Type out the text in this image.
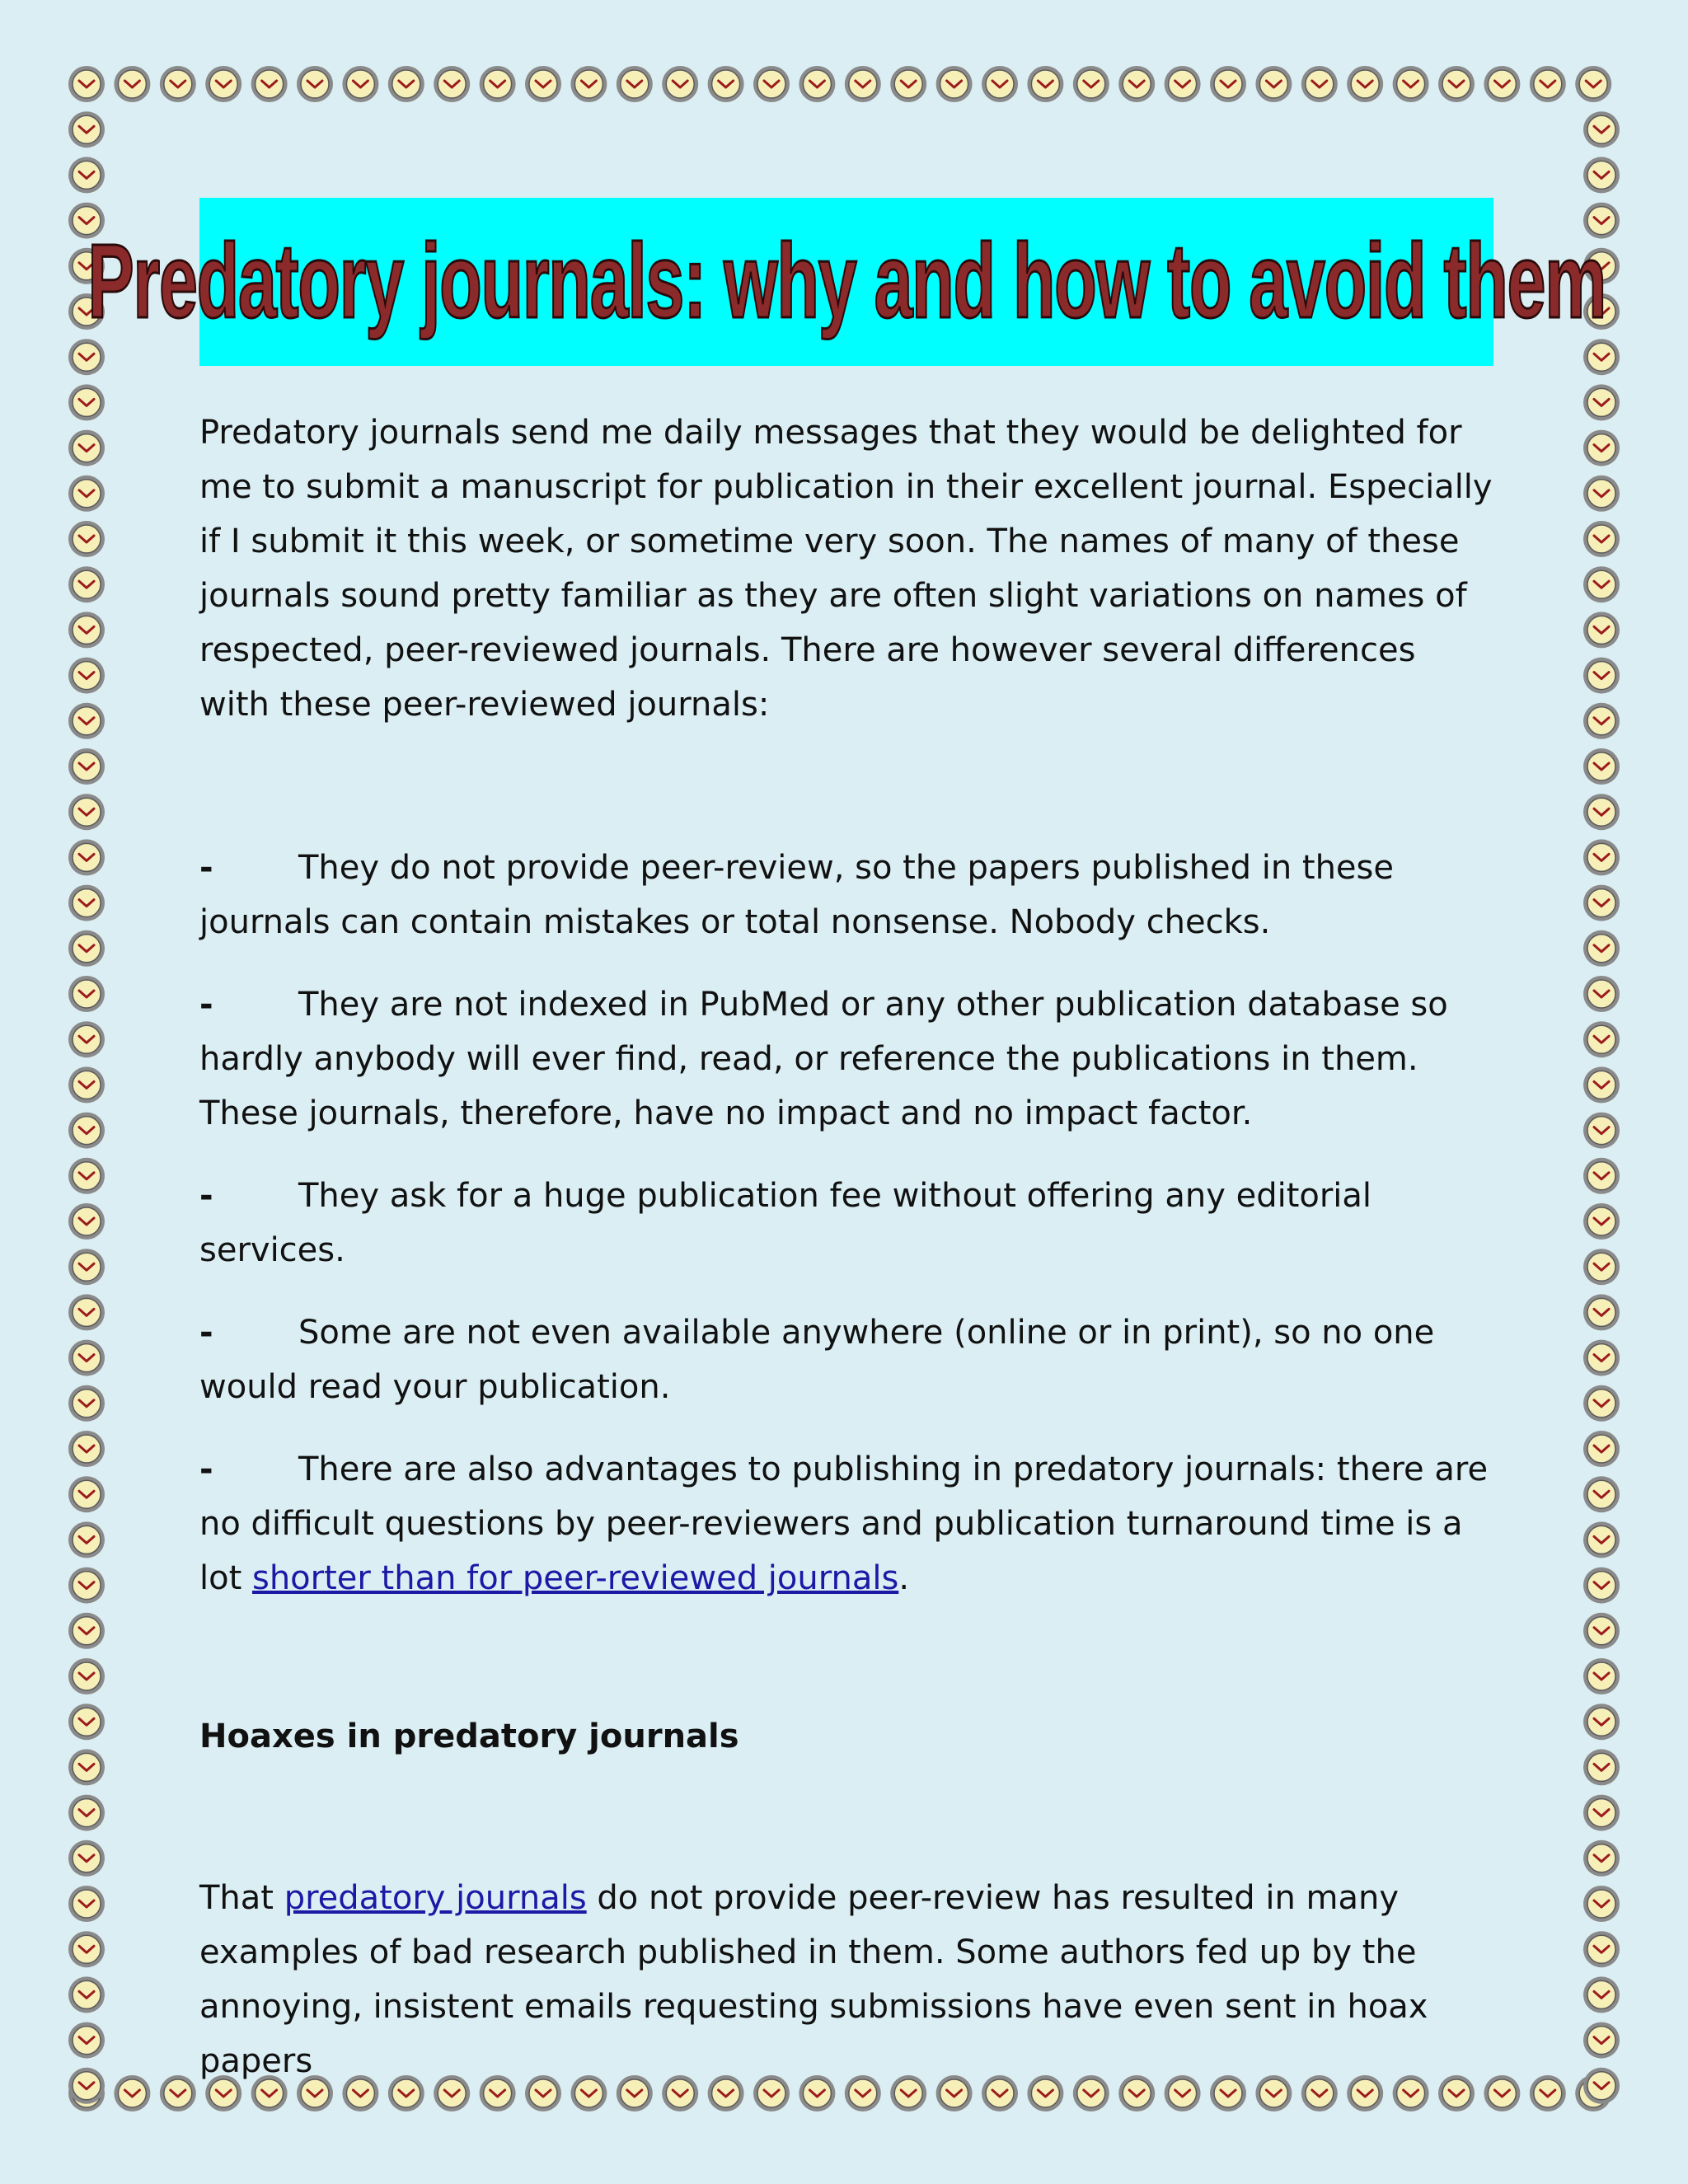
Predatory journals: why and how to avoid them

Predatory journals send me daily messages that they would be delighted for me to submit a manuscript for publication in their excellent journal. Especially if I submit it this week, or sometime very soon. The names of many of these journals sound pretty familiar as they are often slight variations on names of respected, peer-reviewed journals. There are however several differences with these peer-reviewed journals:

-	They do not provide peer-review, so the papers published in these journals can contain mistakes or total nonsense. Nobody checks.
-	They are not indexed in PubMed or any other publication database so hardly anybody will ever find, read, or reference the publications in them. These journals, therefore, have no impact and no impact factor.
-	They ask for a huge publication fee without offering any editorial services.
-	Some are not even available anywhere (online or in print), so no one would read your publication.
-	There are also advantages to publishing in predatory journals: there are no difficult questions by peer-reviewers and publication turnaround time is a lot shorter than for peer-reviewed journals.
Hoaxes in predatory journals

That predatory journals do not provide peer-review has resulted in many examples of bad research published in them. Some authors fed up by the annoying, insistent emails requesting submissions have even sent in hoax papers
